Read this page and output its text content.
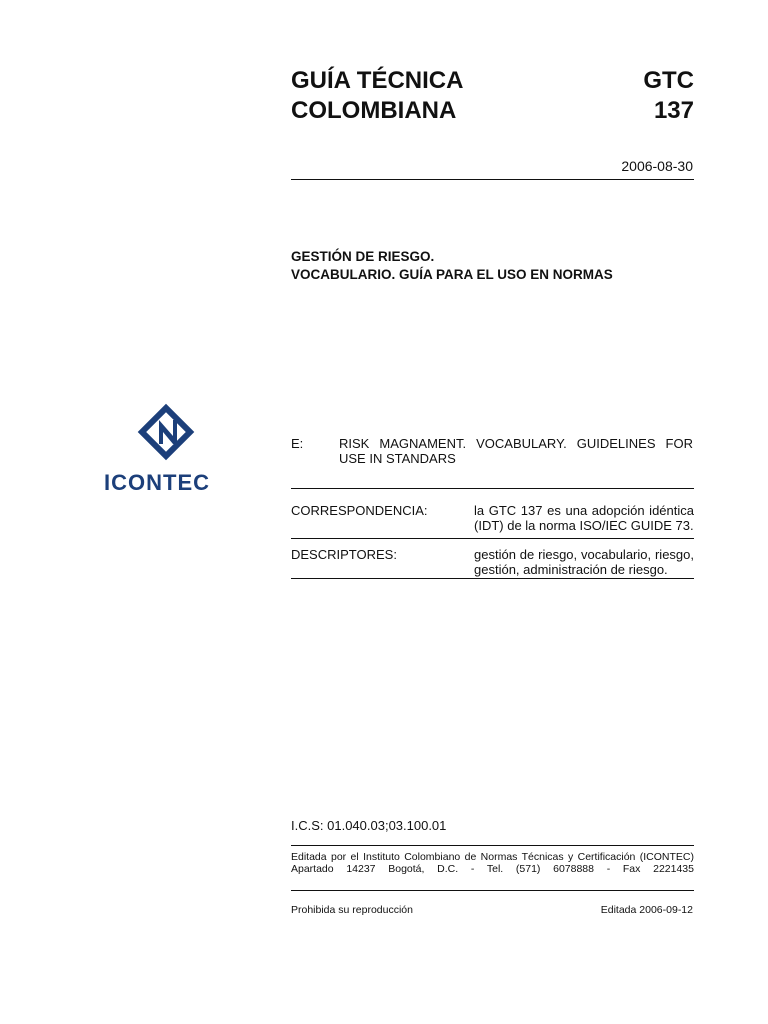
GUÍA TÉCNICA
COLOMBIANA
GTC
137
2006-08-30
GESTIÓN DE RIESGO.
VOCABULARIO. GUÍA PARA EL USO EN NORMAS
ICONTEC
E:	RISK MAGNAMENT. VOCABULARY. GUIDELINES FOR
USE IN STANDARS
CORRESPONDENCIA:	la GTC 137 es una adopción idéntica
(IDT) de la norma ISO/IEC GUIDE 73.
DESCRIPTORES:	gestión de riesgo, vocabulario, riesgo,
gestión, administración de riesgo.
I.C.S: 01.040.03;03.100.01
Editada por el Instituto Colombiano de Normas Técnicas y Certificación (ICONTEC)
Apartado 14237 Bogotá, D.C. - Tel. (571) 6078888 - Fax 2221435
Prohibida su reproducción	Editada 2006-09-12
